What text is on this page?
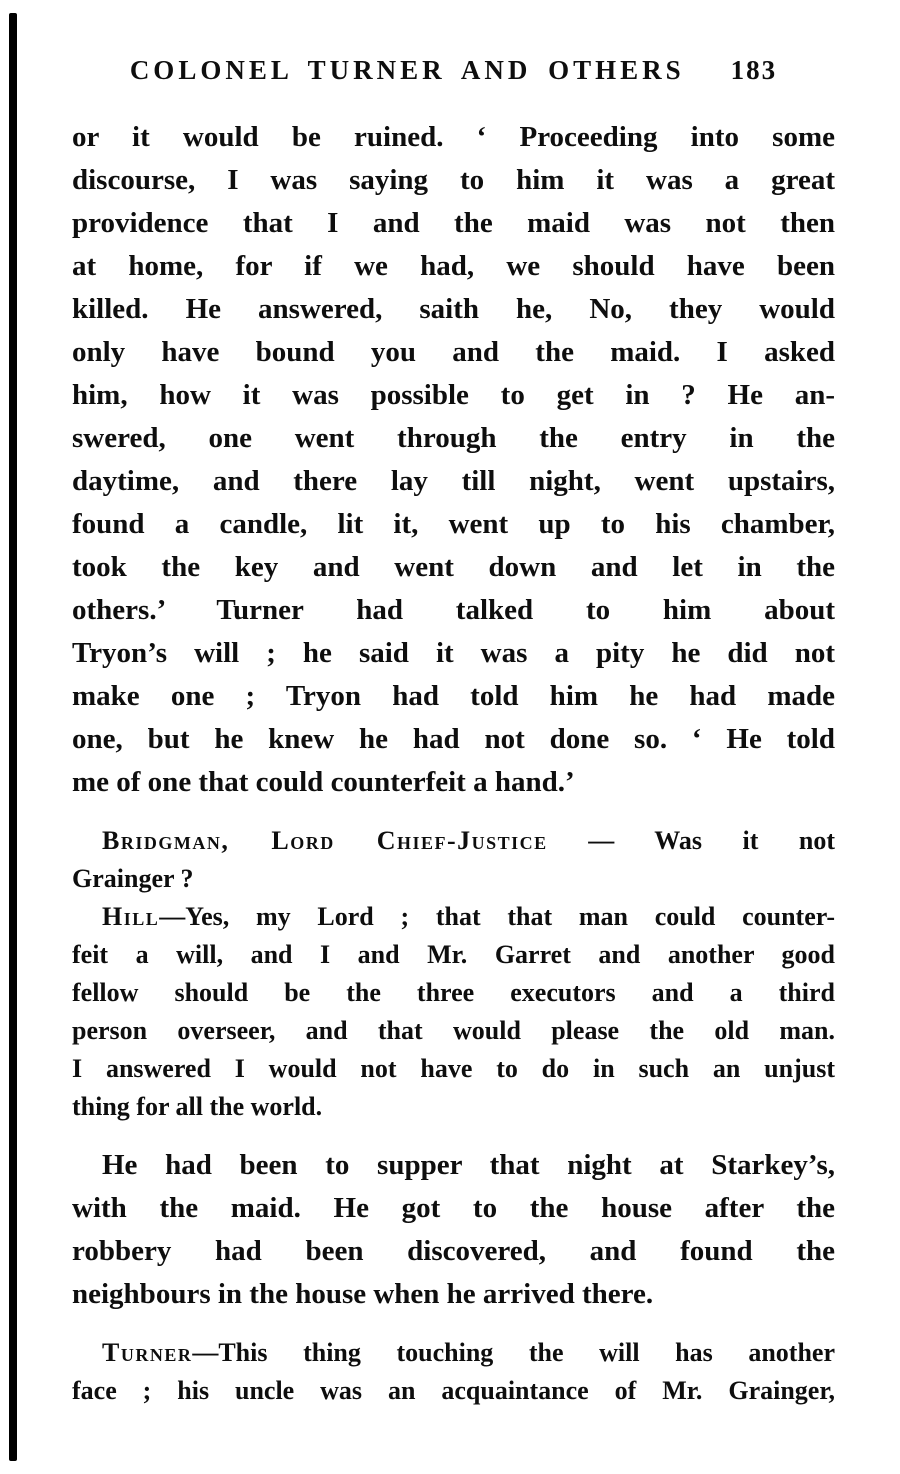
COLONEL TURNER AND OTHERS 183
or it would be ruined. ‘ Proceeding into some
discourse, I was saying to him it was a great
providence that I and the maid was not then
at home, for if we had, we should have been
killed. He answered, saith he, No, they would
only have bound you and the maid. I asked
him, how it was possible to get in ? He an-
swered, one went through the entry in the
daytime, and there lay till night, went upstairs,
found a candle, lit it, went up to his chamber,
took the key and went down and let in the
others.’ Turner had talked to him about
Tryon’s will ; he said it was a pity he did not
make one ; Tryon had told him he had made
one, but he knew he had not done so. ‘ He told
me of one that could counterfeit a hand.’
Bridgman, Lord Chief-Justice — Was it not
Grainger ?
Hill—Yes, my Lord ; that that man could counter-
feit a will, and I and Mr. Garret and another good
fellow should be the three executors and a third
person overseer, and that would please the old man.
I answered I would not have to do in such an unjust
thing for all the world.
He had been to supper that night at Starkey’s,
with the maid. He got to the house after the
robbery had been discovered, and found the
neighbours in the house when he arrived there.
Turner—This thing touching the will has another
face ; his uncle was an acquaintance of Mr. Grainger,
